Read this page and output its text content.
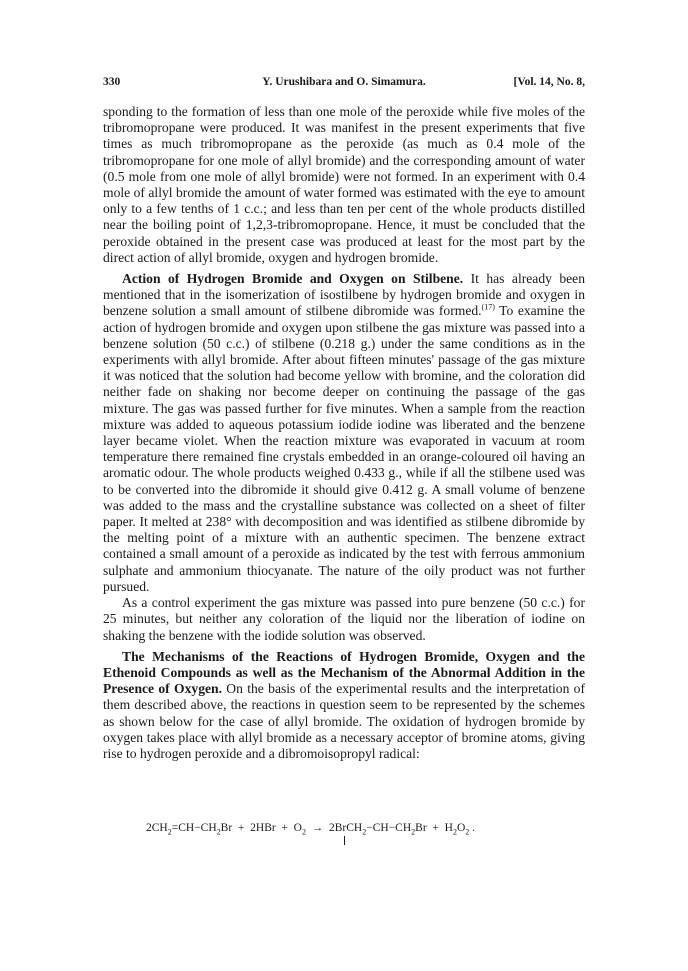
330	Y. Urushibara and O. Simamura.	[Vol. 14, No. 8,

sponding to the formation of less than one mole of the peroxide while five moles of the tribromopropane were produced. It was manifest in the present experiments that five times as much tribromopropane as the peroxide (as much as 0.4 mole of the tribromopropane for one mole of allyl bromide) and the corresponding amount of water (0.5 mole from one mole of allyl bromide) were not formed. In an experiment with 0.4 mole of allyl bromide the amount of water formed was estimated with the eye to amount only to a few tenths of 1 c.c.; and less than ten per cent of the whole products distilled near the boiling point of 1,2,3-tribromopropane. Hence, it must be concluded that the peroxide obtained in the present case was produced at least for the most part by the direct action of allyl bromide, oxygen and hydrogen bromide.

Action of Hydrogen Bromide and Oxygen on Stilbene. It has already been mentioned that in the isomerization of isostilbene by hydrogen bromide and oxygen in benzene solution a small amount of stilbene dibromide was formed.$^{(17)}$ To examine the action of hydrogen bromide and oxygen upon stilbene the gas mixture was passed into a benzene solution (50 c.c.) of stilbene (0.218 g.) under the same conditions as in the experiments with allyl bromide. After about fifteen minutes' passage of the gas mixture it was noticed that the solution had become yellow with bromine, and the coloration did neither fade on shaking nor become deeper on continuing the passage of the gas mixture. The gas was passed further for five minutes. When a sample from the reaction mixture was added to aqueous potassium iodide iodine was liberated and the benzene layer became violet. When the reaction mixture was evaporated in vacuum at room temperature there remained fine crystals embedded in an orange-coloured oil having an aromatic odour. The whole products weighed 0.433 g., while if all the stilbene used was to be converted into the dibromide it should give 0.412 g. A small volume of benzene was added to the mass and the crystalline substance was collected on a sheet of filter paper. It melted at 238° with decomposition and was identified as stilbene dibromide by the melting point of a mixture with an authentic specimen. The benzene extract contained a small amount of a peroxide as indicated by the test with ferrous ammonium sulphate and ammonium thiocyanate. The nature of the oily product was not further pursued.

As a control experiment the gas mixture was passed into pure benzene (50 c.c.) for 25 minutes, but neither any coloration of the liquid nor the liberation of iodine on shaking the benzene with the iodide solution was observed.

The Mechanisms of the Reactions of Hydrogen Bromide, Oxygen and the Ethenoid Compounds as well as the Mechanism of the Abnormal Addition in the Presence of Oxygen. On the basis of the experimental results and the interpretation of them described above, the reactions in question seem to be represented by the schemes as shown below for the case of allyl bromide. The oxidation of hydrogen bromide by oxygen takes place with allyl bromide as a necessary acceptor of bromine atoms, giving rise to hydrogen peroxide and a dibromoisopropyl radical:

$2CH_2=CH-CH_2Br + 2HBr + O_2$  →  $2BrCH_2-CH-CH_2Br + H_2O_2$ .
